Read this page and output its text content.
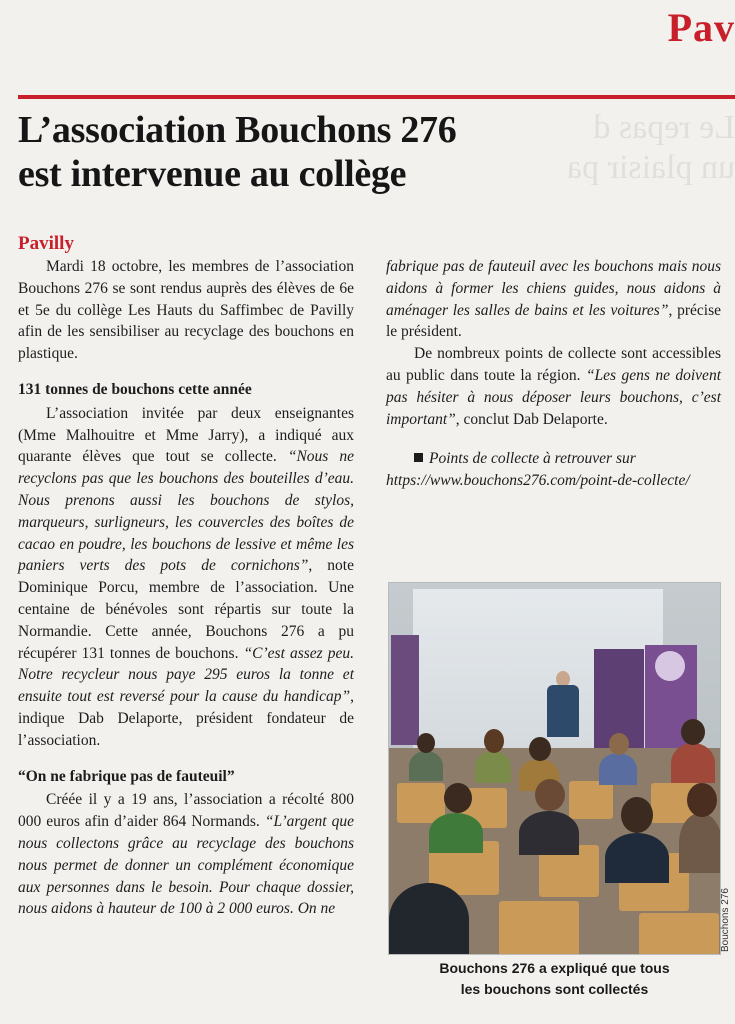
Pav
Le repas d
un plaisir pa
L’association Bouchons 276
est intervenue au collège
Pavilly

Mardi 18 octobre, les membres de l’association Bouchons 276 se sont rendus auprès des élèves de 6e et 5e du collège Les Hauts du Saffimbec de Pavilly afin de les sensibiliser au recyclage des bouchons en plastique.

131 tonnes de bouchons cette année

L’association invitée par deux enseignantes (Mme Malhouitre et Mme Jarry), a indiqué aux quarante élèves que tout se collecte. “Nous ne recyclons pas que les bouchons des bouteilles d’eau. Nous prenons aussi les bouchons de stylos, marqueurs, surligneurs, les couvercles des boîtes de cacao en poudre, les bouchons de lessive et même les paniers verts des pots de cornichons”, note Dominique Porcu, membre de l’association. Une centaine de bénévoles sont répartis sur toute la Normandie. Cette année, Bouchons 276 a pu récupérer 131 tonnes de bouchons. “C’est assez peu. Notre recycleur nous paye 295 euros la tonne et ensuite tout est reversé pour la cause du handicap”, indique Dab Delaporte, président fondateur de l’association.

“On ne fabrique pas de fauteuil”

Créée il y a 19 ans, l’association a récolté 800 000 euros afin d’aider 864 Normands. “L’argent que nous collectons grâce au recyclage des bouchons nous permet de donner un complément économique aux personnes dans le besoin. Pour chaque dossier, nous aidons à hauteur de 100 à 2 000 euros. On ne

fabrique pas de fauteuil avec les bouchons mais nous aidons à former les chiens guides, nous aidons à aménager les salles de bains et les voitures”, précise le président.

De nombreux points de collecte sont accessibles au public dans toute la région. “Les gens ne doivent pas hésiter à nous déposer leurs bouchons, c’est important”, conclut Dab Delaporte.

Points de collecte à retrouver sur
https://www.bouchons276.com/point-de-collecte/

Bouchons 276
Bouchons 276 a expliqué que tous
les bouchons sont collectés
